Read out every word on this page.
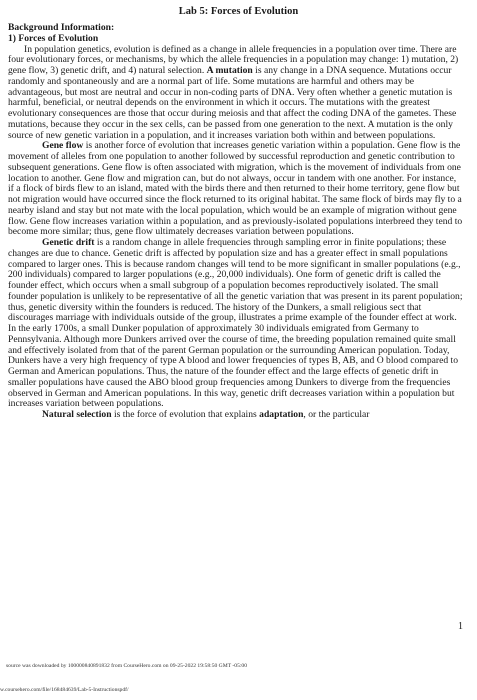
Lab 5: Forces of Evolution
Background Information:
1) Forces of Evolution

In population genetics, evolution is defined as a change in allele frequencies in a population over time. There are four evolutionary forces, or mechanisms, by which the allele frequencies in a population may change: 1) mutation, 2) gene flow, 3) genetic drift, and 4) natural selection. A mutation is any change in a DNA sequence. Mutations occur randomly and spontaneously and are a normal part of life. Some mutations are harmful and others may be advantageous, but most are neutral and occur in non-coding parts of DNA. Very often whether a genetic mutation is harmful, beneficial, or neutral depends on the environment in which it occurs. The mutations with the greatest evolutionary consequences are those that occur during meiosis and that affect the coding DNA of the gametes. These mutations, because they occur in the sex cells, can be passed from one generation to the next. A mutation is the only source of new genetic variation in a population, and it increases variation both within and between populations.

Gene flow is another force of evolution that increases genetic variation within a population. Gene flow is the movement of alleles from one population to another followed by successful reproduction and genetic contribution to subsequent generations. Gene flow is often associated with migration, which is the movement of individuals from one location to another. Gene flow and migration can, but do not always, occur in tandem with one another. For instance, if a flock of birds flew to an island, mated with the birds there and then returned to their home territory, gene flow but not migration would have occurred since the flock returned to its original habitat. The same flock of birds may fly to a nearby island and stay but not mate with the local population, which would be an example of migration without gene flow. Gene flow increases variation within a population, and as previously-isolated populations interbreed they tend to become more similar; thus, gene flow ultimately decreases variation between populations.

Genetic drift is a random change in allele frequencies through sampling error in finite populations; these changes are due to chance. Genetic drift is affected by population size and has a greater effect in small populations compared to larger ones. This is because random changes will tend to be more significant in smaller populations (e.g., 200 individuals) compared to larger populations (e.g., 20,000 individuals). One form of genetic drift is called the founder effect, which occurs when a small subgroup of a population becomes reproductively isolated. The small founder population is unlikely to be representative of all the genetic variation that was present in its parent population; thus, genetic diversity within the founders is reduced. The history of the Dunkers, a small religious sect that discourages marriage with individuals outside of the group, illustrates a prime example of the founder effect at work. In the early 1700s, a small Dunker population of approximately 30 individuals emigrated from Germany to Pennsylvania. Although more Dunkers arrived over the course of time, the breeding population remained quite small and effectively isolated from that of the parent German population or the surrounding American population. Today, Dunkers have a very high frequency of type A blood and lower frequencies of types B, AB, and O blood compared to German and American populations. Thus, the nature of the founder effect and the large effects of genetic drift in smaller populations have caused the ABO blood group frequencies among Dunkers to diverge from the frequencies observed in German and American populations. In this way, genetic drift decreases variation within a population but increases variation between populations.

Natural selection is the force of evolution that explains adaptation, or the particular

1
source was downloaded by 100000840891832 from CourseHero.com on 09-25-2022 19:58:50 GMT -05:00
w.coursehero.com/file/168484639/Lab-5-Instructionspdf/
